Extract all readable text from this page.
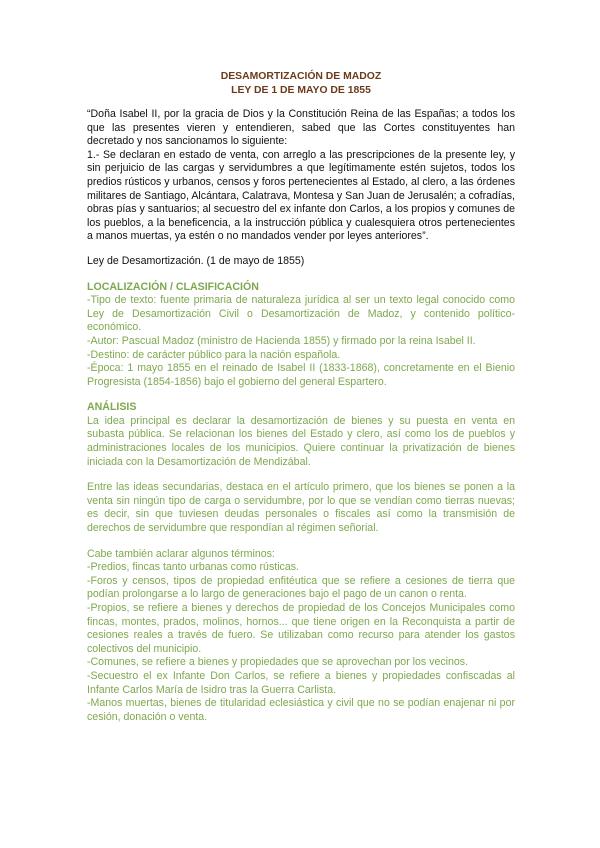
DESAMORTIZACIÓN DE MADOZ
LEY DE 1 DE MAYO DE 1855

“Doña Isabel II, por la gracia de Dios y la Constitución Reina de las Españas; a todos los que las presentes vieren y entendieren, sabed que las Cortes constituyentes han decretado y nos sancionamos lo siguiente:

1.- Se declaran en estado de venta, con arreglo a las prescripciones de la presente ley, y sin perjuicio de las cargas y servidumbres a que legítimamente estén sujetos, todos los predios rústicos y urbanos, censos y foros pertenecientes al Estado, al clero, a las órdenes militares de Santiago, Alcántara, Calatrava, Montesa y San Juan de Jerusalén; a cofradías, obras pías y santuarios; al secuestro del ex infante don Carlos, a los propios y comunes de los pueblos, a la beneficencia, a la instrucción pública y cualesquiera otros pertenecientes a manos muertas, ya estén o no mandados vender por leyes anteriores”.

Ley de Desamortización. (1 de mayo de 1855)

LOCALIZACIÓN / CLASIFICACIÓN

-Tipo de texto: fuente primaria de naturaleza jurídica al ser un texto legal conocido como Ley de Desamortización Civil o Desamortización de Madoz, y contenido político-económico.

-Autor: Pascual Madoz (ministro de Hacienda 1855) y firmado por la reina Isabel II.

-Destino: de carácter público para la nación española.

-Época: 1 mayo 1855 en el reinado de Isabel II (1833-1868), concretamente en el Bienio Progresista (1854-1856) bajo el gobierno del general Espartero.

ANÁLISIS

La idea principal es declarar la desamortización de bienes y su puesta en venta en subasta pública. Se relacionan los bienes del Estado y clero, así como los de pueblos y administraciones locales de los municipios. Quiere continuar la privatización de bienes iniciada con la Desamortización de Mendizábal.

Entre las ideas secundarias, destaca en el artículo primero, que los bienes se ponen a la venta sin ningún tipo de carga o servidumbre, por lo que se vendían como tierras nuevas; es decir, sin que tuviesen deudas personales o fiscales así como la transmisión de derechos de servidumbre que respondían al régimen señorial.

Cabe también aclarar algunos términos:

-Predios, fincas tanto urbanas como rústicas.

-Foros y censos, tipos de propiedad enfitéutica que se refiere a cesiones de tierra que podían prolongarse a lo largo de generaciones bajo el pago de un canon o renta.

-Propios, se refiere a bienes y derechos de propiedad de los Concejos Municipales como fincas, montes, prados, molinos, hornos... que tiene origen en la Reconquista a partir de cesiones reales a través de fuero. Se utilizaban como recurso para atender los gastos colectivos del municipio.

-Comunes, se refiere a bienes y propiedades que se aprovechan por los vecinos.

-Secuestro el ex Infante Don Carlos, se refiere a bienes y propiedades confiscadas al Infante Carlos María de Isidro tras la Guerra Carlista.

-Manos muertas, bienes de titularidad eclesiástica y civil que no se podían enajenar ni por cesión, donación o venta.
